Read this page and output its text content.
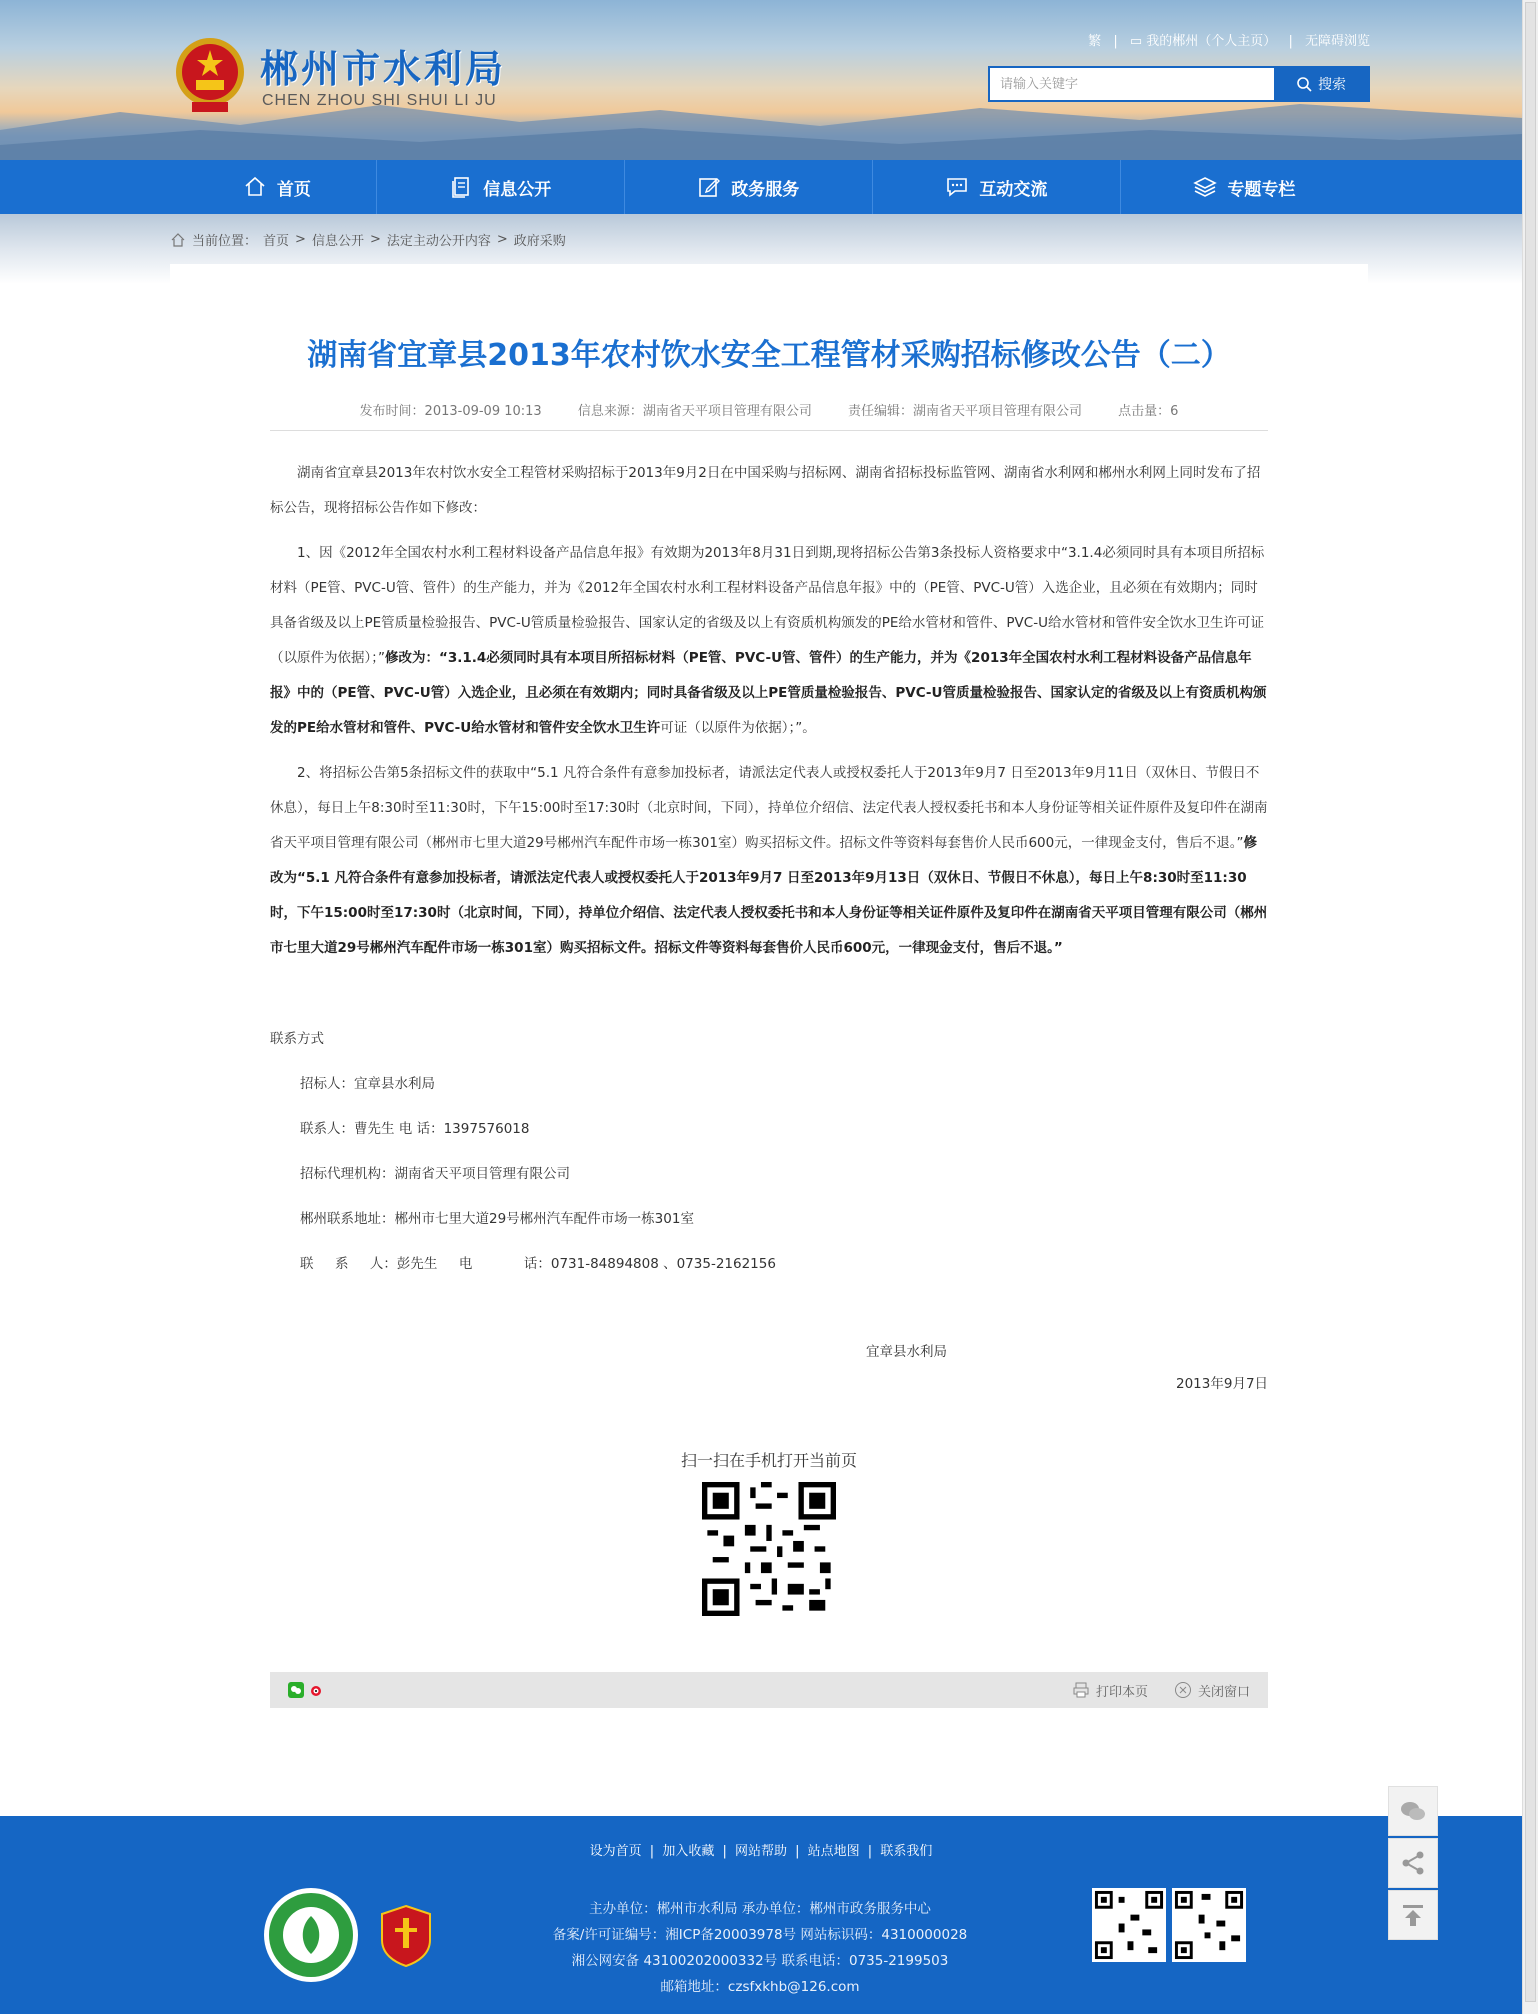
郴州市水利局
CHEN ZHOU SHI SHUI LI JU
繁 | ▭ 我的郴州（个人主页） | 无障碍浏览
请输入关键字
搜索
首页	信息公开	政务服务	互动交流	专题专栏
当前位置： 首页 > 信息公开 > 法定主动公开内容 > 政府采购
湖南省宜章县2013年农村饮水安全工程管材采购招标修改公告（二）
发布时间：2013-09-09 10:13	信息来源：湖南省天平项目管理有限公司	责任编辑：湖南省天平项目管理有限公司	点击量：6

湖南省宜章县2013年农村饮水安全工程管材采购招标于2013年9月2日在中国采购与招标网、湖南省招标投标监管网、湖南省水利网和郴州水利网上同时发布了招标公告，现将招标公告作如下修改：

1、因《2012年全国农村水利工程材料设备产品信息年报》有效期为2013年8月31日到期,现将招标公告第3条投标人资格要求中“3.1.4必须同时具有本项目所招标材料（PE管、PVC-U管、管件）的生产能力，并为《2012年全国农村水利工程材料设备产品信息年报》中的（PE管、PVC-U管）入选企业，且必须在有效期内；同时具备省级及以上PE管质量检验报告、PVC-U管质量检验报告、国家认定的省级及以上有资质机构颁发的PE给水管材和管件、PVC-U给水管材和管件安全饮水卫生许可证（以原件为依据）；”修改为：“3.1.4必须同时具有本项目所招标材料（PE管、PVC-U管、管件）的生产能力，并为《2013年全国农村水利工程材料设备产品信息年报》中的（PE管、PVC-U管）入选企业，且必须在有效期内；同时具备省级及以上PE管质量检验报告、PVC-U管质量检验报告、国家认定的省级及以上有资质机构颁发的PE给水管材和管件、PVC-U给水管材和管件安全饮水卫生许可证（以原件为依据）；”。

2、将招标公告第5条招标文件的获取中“5.1 凡符合条件有意参加投标者，请派法定代表人或授权委托人于2013年9月7 日至2013年9月11日（双休日、节假日不休息），每日上午8:30时至11:30时，下午15:00时至17:30时（北京时间，下同），持单位介绍信、法定代表人授权委托书和本人身份证等相关证件原件及复印件在湖南省天平项目管理有限公司（郴州市七里大道29号郴州汽车配件市场一栋301室）购买招标文件。招标文件等资料每套售价人民币600元，一律现金支付，售后不退。”修改为“5.1 凡符合条件有意参加投标者，请派法定代表人或授权委托人于2013年9月7 日至2013年9月13日（双休日、节假日不休息），每日上午8:30时至11:30时，下午15:00时至17:30时（北京时间，下同），持单位介绍信、法定代表人授权委托书和本人身份证等相关证件原件及复印件在湖南省天平项目管理有限公司（郴州市七里大道29号郴州汽车配件市场一栋301室）购买招标文件。招标文件等资料每套售价人民币600元，一律现金支付，售后不退。”

联系方式
招标人：宜章县水利局
联系人：曹先生 电 话：1397576018
招标代理机构：湖南省天平项目管理有限公司
郴州联系地址：郴州市七里大道29号郴州汽车配件市场一栋301室
联     系     人：彭先生     电            话：0731-84894808 、0735-2162156
宜章县水利局
2013年9月7日
扫一扫在手机打开当前页
打印本页	关闭窗口
设为首页 | 加入收藏 | 网站帮助 | 站点地图 | 联系我们
主办单位：郴州市水利局 承办单位：郴州市政务服务中心
备案/许可证编号：湘ICP备20003978号 网站标识码：4310000028
湘公网安备 43100202000332号 联系电话：0735-2199503
邮箱地址：czsfxkhb@126.com
